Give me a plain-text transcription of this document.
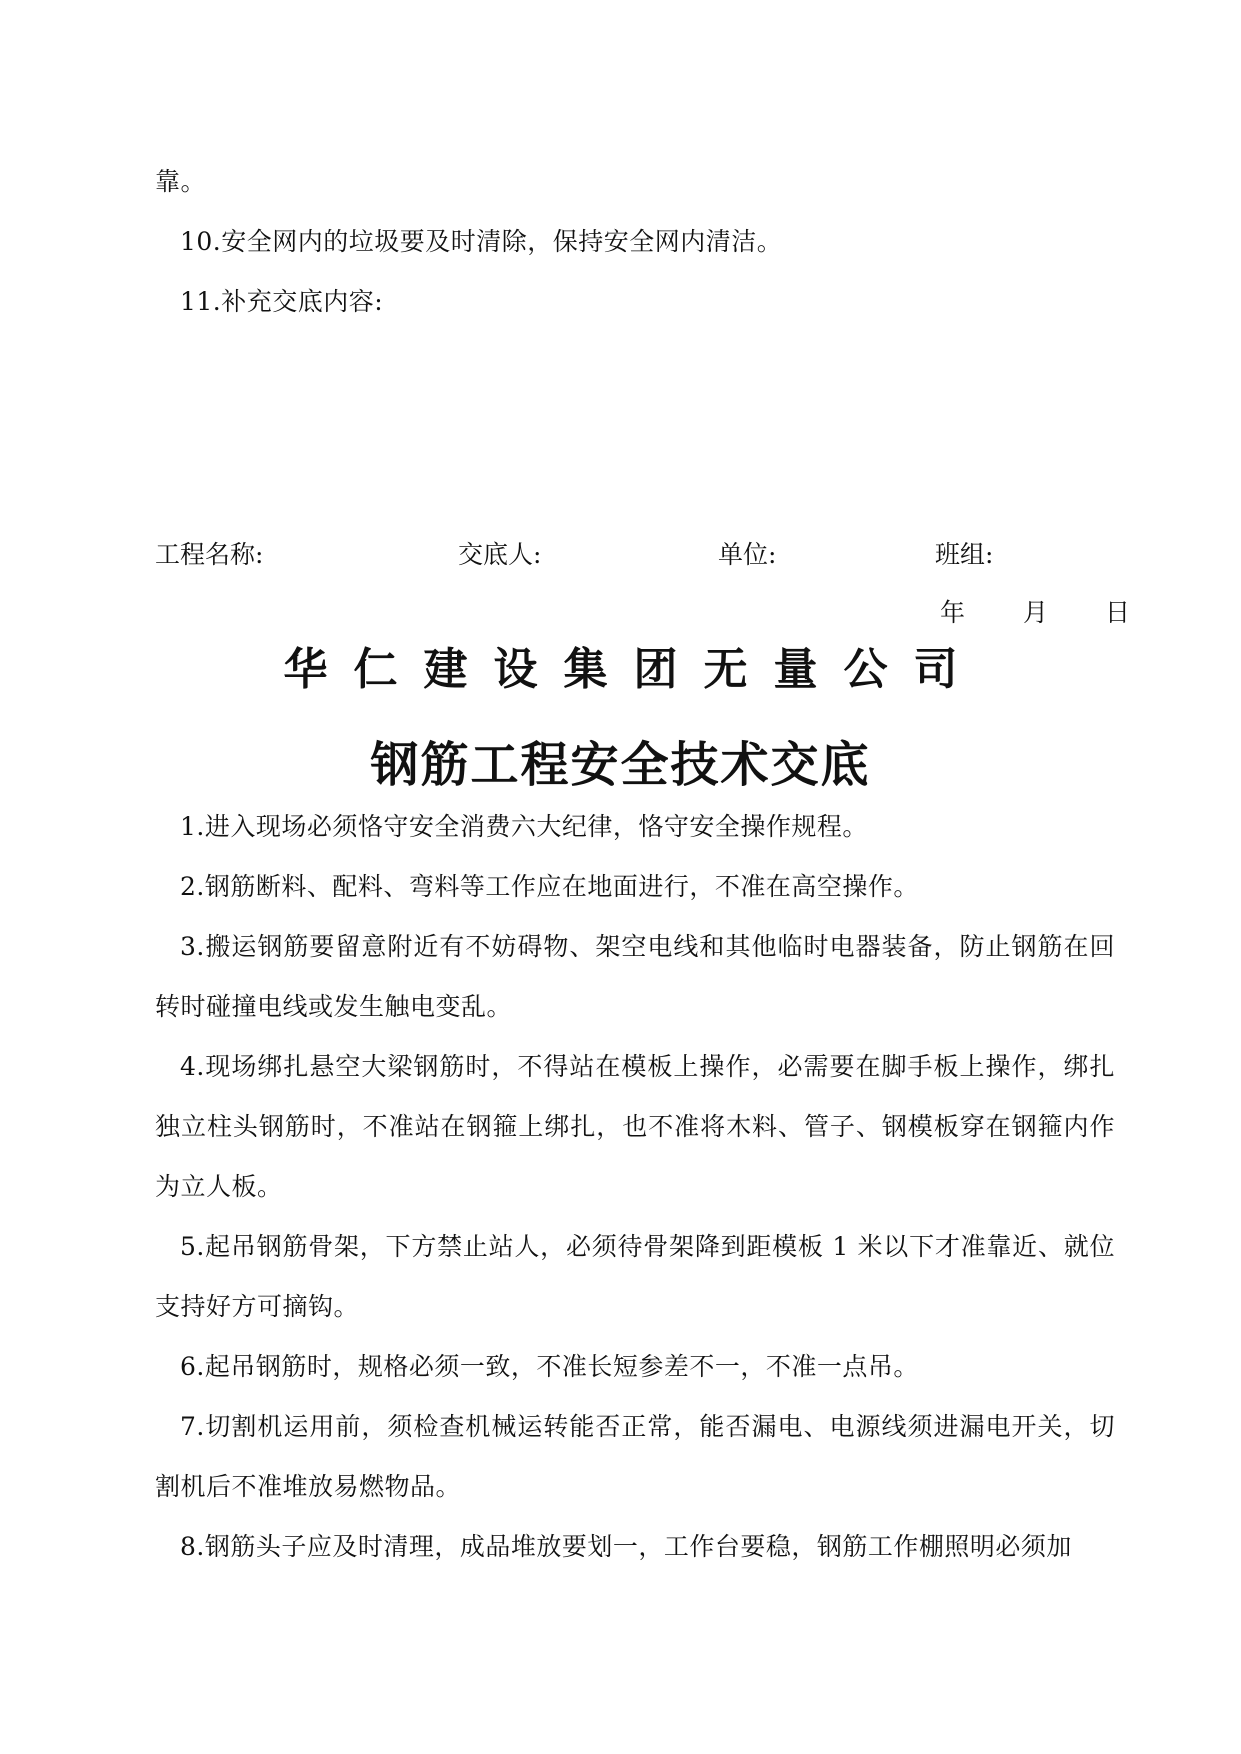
靠。

10.安全网内的垃圾要及时清除，保持安全网内清洁。

11.补充交底内容:

工程名称:	交底人:	单位:	班组:
年 月 日
华仁建设集团无量公司
钢筋工程安全技术交底

1.进入现场必须恪守安全消费六大纪律，恪守安全操作规程。

2.钢筋断料、配料、弯料等工作应在地面进行，不准在高空操作。

3.搬运钢筋要留意附近有不妨碍物、架空电线和其他临时电器装备，防止钢筋在回转时碰撞电线或发生触电变乱。

4.现场绑扎悬空大梁钢筋时，不得站在模板上操作，必需要在脚手板上操作，绑扎独立柱头钢筋时，不准站在钢箍上绑扎，也不准将木料、管子、钢模板穿在钢箍内作为立人板。

5.起吊钢筋骨架，下方禁止站人，必须待骨架降到距模板 1 米以下才准靠近、就位支持好方可摘钩。

6.起吊钢筋时，规格必须一致，不准长短参差不一，不准一点吊。

7.切割机运用前，须检查机械运转能否正常，能否漏电、电源线须进漏电开关，切割机后不准堆放易燃物品。

8.钢筋头子应及时清理，成品堆放要划一，工作台要稳，钢筋工作棚照明必须加
